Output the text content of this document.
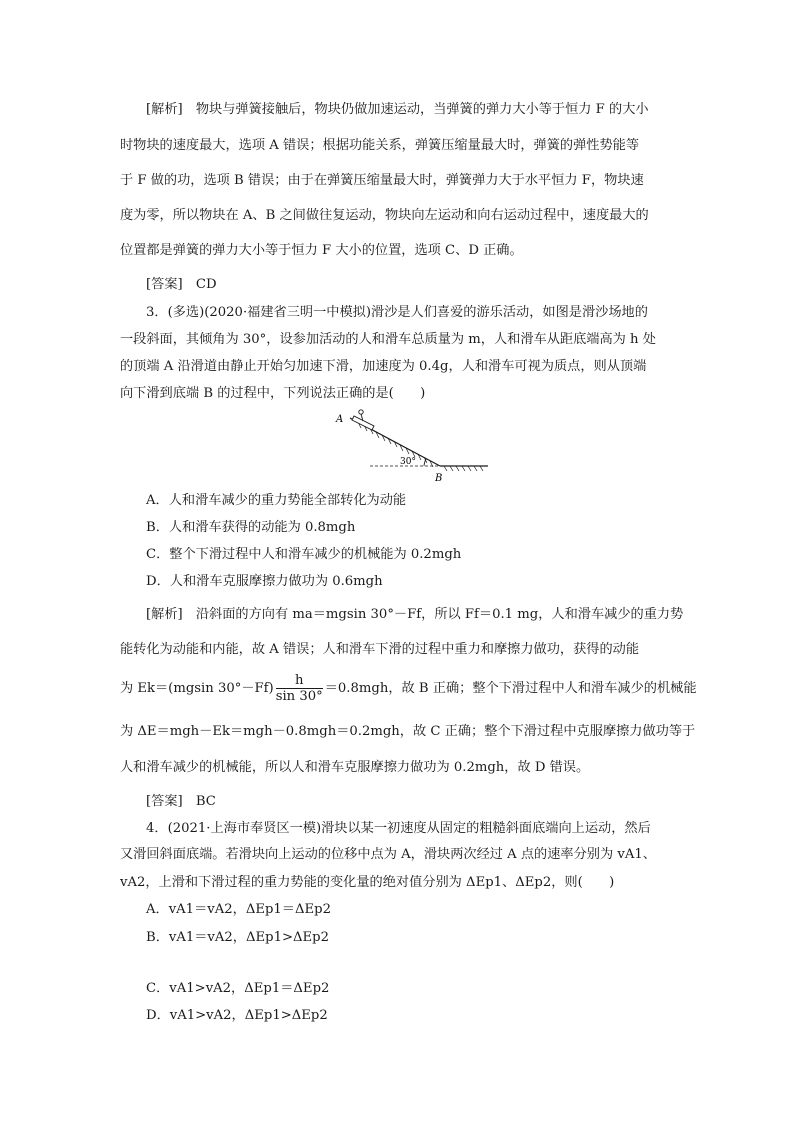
[解析]　 物块与弹簧接触后，物块仍做加速运动，当弹簧的弹力大小等于恒力 F 的大小
时物块的速度最大，选项 A 错误；根据功能关系，弹簧压缩量最大时，弹簧的弹性势能等
于 F 做的功，选项 B 错误；由于在弹簧压缩量最大时，弹簧弹力大于水平恒力 F，物块速
度为零，所以物块在 A、B 之间做往复运动，物块向左运动和向右运动过程中，速度最大的
位置都是弹簧的弹力大小等于恒力 F 大小的位置，选项 C、D 正确。
[答案]　 CD
3．(多选)(2020·福建省三明一中模拟)滑沙是人们喜爱的游乐活动，如图是滑沙场地的
一段斜面，其倾角为 30°，设参加活动的人和滑车总质量为 m，人和滑车从距底端高为 h 处
的顶端 A 沿滑道由静止开始匀加速下滑，加速度为 0.4g，人和滑车可视为质点，则从顶端
向下滑到底端 B 的过程中，下列说法正确的是(　　)
A
B
30°
A．人和滑车减少的重力势能全部转化为动能
B．人和滑车获得的动能为 0.8mgh
C．整个下滑过程中人和滑车减少的机械能为 0.2mgh
D．人和滑车克服摩擦力做功为 0.6mgh
[解析]　 沿斜面的方向有 ma＝mgsin 30°－Ff，所以 Ff＝0.1 mg，人和滑车减少的重力势
能转化为动能和内能，故 A 错误；人和滑车下滑的过程中重力和摩擦力做功，获得的动能
为 Ek＝(mgsin $30^\circ-Ff) \frac{h}{\sin 30^\circ} =0.8mgh$，故 B 正确；整个下滑过程中人和滑车减少的机械能
为 ΔE＝mgh－Ek＝mgh－0.8mgh＝0.2mgh，故 C 正确；整个下滑过程中克服摩擦力做功等于
人和滑车减少的机械能，所以人和滑车克服摩擦力做功为 0.2mgh，故 D 错误。
[答案]　 BC
4．(2021·上海市奉贤区一模)滑块以某一初速度从固定的粗糙斜面底端向上运动，然后
又滑回斜面底端。若滑块向上运动的位移中点为 A，滑块两次经过 A 点的速率分别为 vA1、
vA2，上滑和下滑过程的重力势能的变化量的绝对值分别为 ΔEp1、ΔEp2，则(　　)
A．vA1＝vA2，ΔEp1＝ΔEp2
B．vA1＝vA2，ΔEp1>ΔEp2
C．vA1>vA2，ΔEp1＝ΔEp2
D．vA1>vA2，ΔEp1>ΔEp2
